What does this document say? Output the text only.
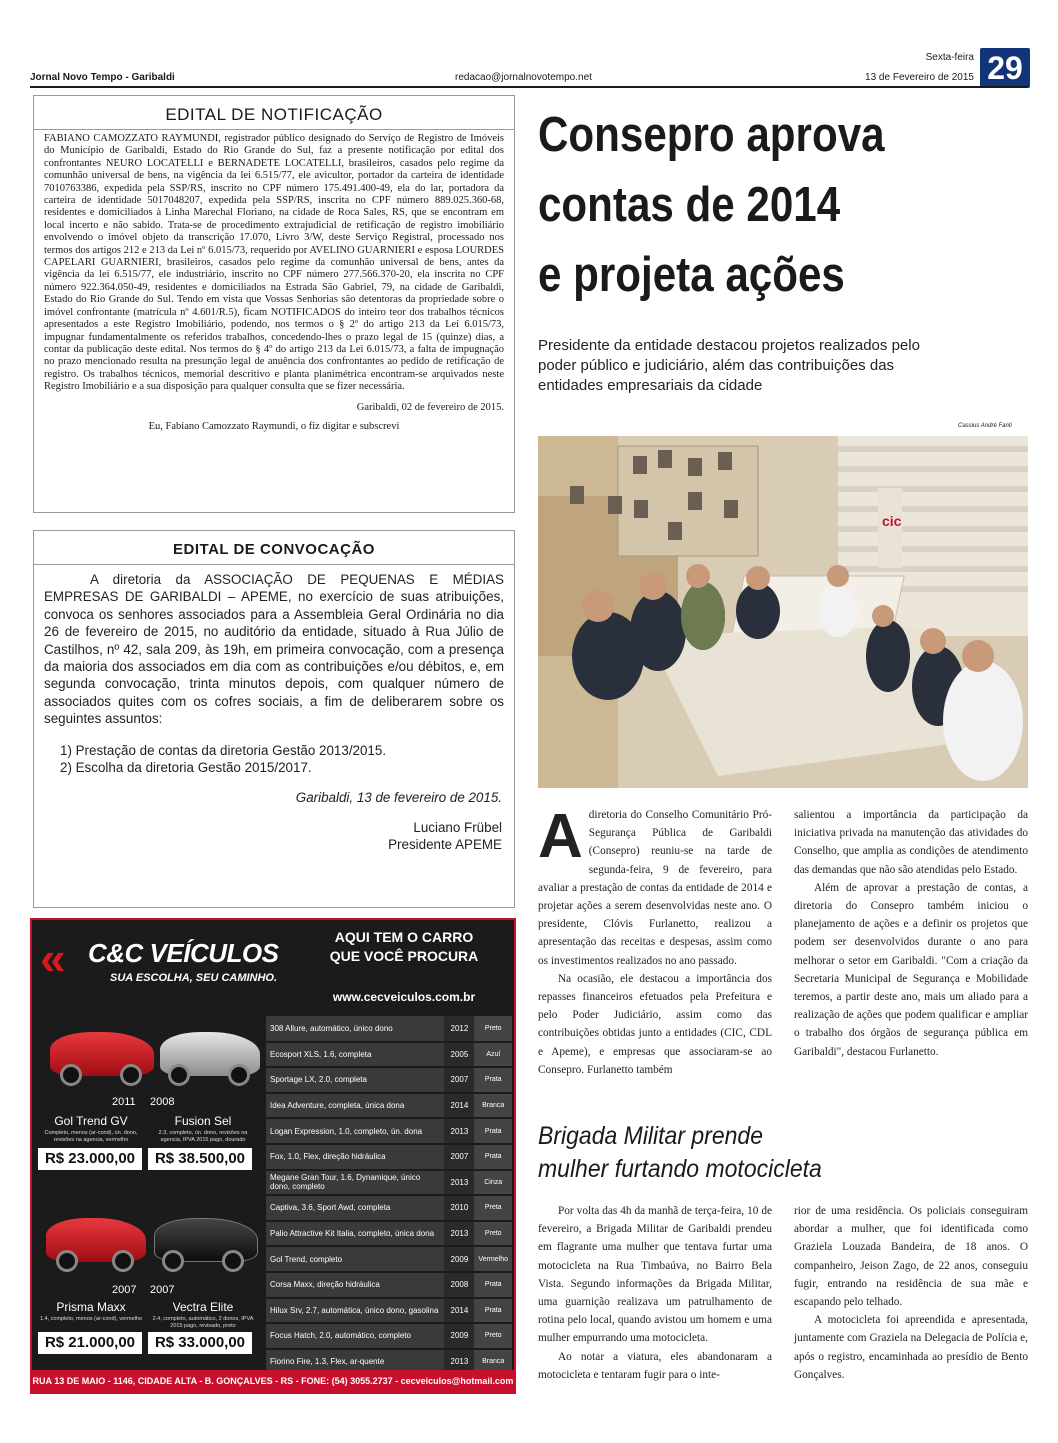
Jornal Novo Tempo - Garibaldi	redacao@jornalnovotempo.net
Sexta-feira
13 de Fevereiro de 2015 29
EDITAL DE NOTIFICAÇÃO

FABIANO CAMOZZATO RAYMUNDI, registrador público designado do Serviço de Registro de Imóveis do Município de Garibaldi, Estado do Rio Grande do Sul, faz a presente notificação por edital dos confrontantes NEURO LOCATELLI e BERNADETE LOCATELLI, brasileiros, casados pelo regime da comunhão universal de bens, na vigência da lei 6.515/77, ele avicultor, portador da carteira de identidade 7010763386, expedida pela SSP/RS, inscrito no CPF número 175.491.400-49, ela do lar, portadora da carteira de identidade 5017048207, expedida pela SSP/RS, inscrita no CPF número 889.025.360-68, residentes e domiciliados à Linha Marechal Floriano, na cidade de Roca Sales, RS, que se encontram em local incerto e não sabido. Trata-se de procedimento extrajudicial de retificação de registro imobiliário envolvendo o imóvel objeto da transcrição 17.070, Livro 3/W, deste Serviço Registral, processado nos termos dos artigos 212 e 213 da Lei nº 6.015/73, requerido por AVELINO GUARNIERI e esposa LOURDES CAPELARI GUARNIERI, brasileiros, casados pelo regime da comunhão universal de bens, antes da vigência da lei 6.515/77, ele industriário, inscrito no CPF número 277.566.370-20, ela inscrita no CPF número 922.364.050-49, residentes e domiciliados na Estrada São Gabriel, 79, na cidade de Garibaldi, Estado do Rio Grande do Sul. Tendo em vista que Vossas Senhorias são detentoras da propriedade sobre o imóvel confrontante (matrícula nº 4.601/R.5), ficam NOTIFICADOS do inteiro teor dos trabalhos técnicos apresentados a este Registro Imobiliário, podendo, nos termos o § 2º do artigo 213 da Lei 6.015/73, impugnar fundamentalmente os referidos trabalhos, concedendo-lhes o prazo legal de 15 (quinze) dias, a contar da publicação deste edital. Nos termos do § 4º do artigo 213 da Lei 6.015/73, a falta de impugnação no prazo mencionado resulta na presunção legal de anuência dos confrontantes ao pedido de retificação de registro. Os trabalhos técnicos, memorial descritivo e planta planimétrica encontram-se arquivados neste Registro Imobiliário e a sua disposição para qualquer consulta que se fizer necessária.

Garibaldi, 02 de fevereiro de 2015.
Eu, Fabiano Camozzato Raymundi, o fiz digitar e subscrevi
EDITAL DE CONVOCAÇÃO
A diretoria da ASSOCIAÇÃO DE PEQUENAS E MÉDIAS EMPRESAS DE GARIBALDI – APEME, no exercício de suas atribuições, convoca os senhores associados para a Assembleia Geral Ordinária no dia 26 de fevereiro de 2015, no auditório da entidade, situado à Rua Júlio de Castilhos, nº 42, sala 209, às 19h, em primeira convocação, com a presença da maioria dos associados em dia com as contribuições e/ou débitos, e, em segunda convocação, trinta minutos depois, com qualquer número de associados quites com os cofres sociais, a fim de deliberarem sobre os seguintes assuntos:
1) Prestação de contas da diretoria Gestão 2013/2015.
2) Escolha da diretoria Gestão 2015/2017.
Garibaldi, 13 de fevereiro de 2015.
Luciano Frübel
Presidente APEME
« C&C VEÍCULOS
SUA ESCOLHA, SEU CAMINHO.
AQUI TEM O CARRO
QUE VOCÊ PROCURA
www.cecveiculos.com.br
308 Allure, automático, único dono	2012	Preto
Ecosport XLS, 1.6, completa	2005	Azul
Sportage LX, 2.0, completa	2007	Prata
Idea Adventure, completa, única dona	2014	Branca
Logan Expression, 1.0, completo, ún. dona	2013	Prata
Fox, 1.0, Flex, direção hidráulica	2007	Prata
Megane Gran Tour, 1.6, Dynamique, único dono, completo	2013	Cinza
Captiva, 3.6, Sport Awd, completa	2010	Preta
Palio Attractive Kit Italia, completo, única dona	2013	Preto
Gol Trend, completo	2009	Vermelho
Corsa Maxx, direção hidráulica	2008	Prata
Hilux Srv, 2.7, automática, único dono, gasolina	2014	Prata
Focus Hatch, 2.0, automático, completo	2009	Preto
Fiorino Fire, 1.3, Flex, ar-quente	2013	Branca
2011 2008
Gol Trend GV	Fusion Sel
Completo, menos (ar-cond), ún. dono, revisões na agencia, vermelho
2.3, completo, ún. dono, revisões na agencia, IPVA 2015 pago, dourado
R$ 23.000,00	R$ 38.500,00
2007 2007
Prisma Maxx	Vectra Elite
1.4, completo, menos (ar-cond), vermelho	2.4, completo, automático, 2 donos, IPVA 2015 pago, revisado, preto
R$ 21.000,00	R$ 33.000,00
RUA 13 DE MAIO - 1146, CIDADE ALTA - B. GONÇALVES - RS - FONE: (54) 3055.2737 - cecveiculos@hotmail.com
Consepro aprova
contas de 2014
e projeta ações
Presidente da entidade destacou projetos realizados pelo poder público e judiciário, além das contribuições das entidades empresariais da cidade
Cassius André Fanti
cic
A diretoria do Conselho Comunitário Pró-Segurança Pública de Garibaldi (Consepro) reuniu-se na tarde de segunda-feira, 9 de fevereiro, para avaliar a prestação de contas da entidade de 2014 e projetar ações a serem desenvolvidas neste ano. O presidente, Clóvis Furlanetto, realizou a apresentação das receitas e despesas, assim como os investimentos realizados no ano passado.
Na ocasião, ele destacou a importância dos repasses financeiros efetuados pela Prefeitura e pelo Poder Judiciário, assim como das contribuições obtidas junto a entidades (CIC, CDL e Apeme), e empresas que associaram-se ao Consepro. Furlanetto também
salientou a importância da participação da iniciativa privada na manutenção das atividades do Conselho, que amplia as condições de atendimento das demandas que não são atendidas pelo Estado.
Além de aprovar a prestação de contas, a diretoria do Consepro também iniciou o planejamento de ações e a definir os projetos que podem ser desenvolvidos durante o ano para melhorar o setor em Garibaldi. "Com a criação da Secretaria Municipal de Segurança e Mobilidade teremos, a partir deste ano, mais um aliado para a realização de ações que podem qualificar e ampliar o trabalho dos órgãos de segurança pública em Garibaldi", destacou Furlanetto.
Brigada Militar prende
mulher furtando motocicleta
Por volta das 4h da manhã de terça-feira, 10 de fevereiro, a Brigada Militar de Garibaldi prendeu em flagrante uma mulher que tentava furtar uma motocicleta na Rua Timbaúva, no Bairro Bela Vista. Segundo informações da Brigada Militar, uma guarnição realizava um patrulhamento de rotina pelo local, quando avistou um homem e uma mulher empurrando uma motocicleta.
Ao notar a viatura, eles abandonaram a motocicleta e tentaram fugir para o inte-
rior de uma residência. Os policiais conseguiram abordar a mulher, que foi identificada como Graziela Louzada Bandeira, de 18 anos. O companheiro, Jeison Zago, de 22 anos, conseguiu fugir, entrando na residência de sua mãe e escapando pelo telhado.
A motocicleta foi apreendida e apresentada, juntamente com Graziela na Delegacia de Polícia e, após o registro, encaminhada ao presídio de Bento Gonçalves.
